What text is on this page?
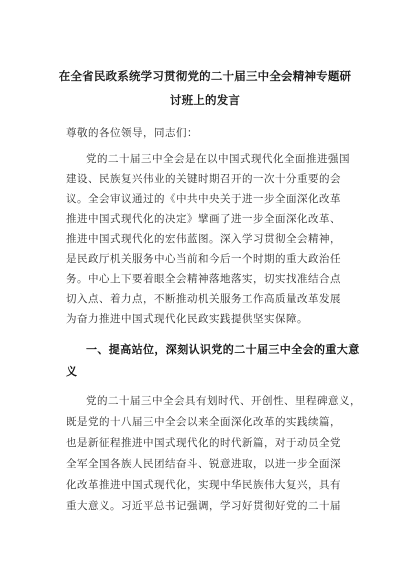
在全省民政系统学习贯彻党的二十届三中全会精神专题研
讨班上的发言
尊敬的各位领导，同志们：
党的二十届三中全会是在以中国式现代化全面推进强国
建设、民族复兴伟业的关键时期召开的一次十分重要的会
议。全会审议通过的《中共中央关于进一步全面深化改革
推进中国式现代化的决定》擘画了进一步全面深化改革、
推进中国式现代化的宏伟蓝图。深入学习贯彻全会精神，
是民政厅机关服务中心当前和今后一个时期的重大政治任
务。中心上下要着眼全会精神落地落实，切实找准结合点
切入点、着力点，不断推动机关服务工作高质量改革发展
为奋力推进中国式现代化民政实践提供坚实保障。
一、提高站位，深刻认识党的二十届三中全会的重大意
义
党的二十届三中全会具有划时代、开创性、里程碑意义，
既是党的十八届三中全会以来全面深化改革的实践续篇，
也是新征程推进中国式现代化的时代新篇，对于动员全党
全军全国各族人民团结奋斗、锐意进取，以进一步全面深
化改革推进中国式现代化，实现中华民族伟大复兴，具有
重大意义。习近平总书记强调，学习好贯彻好党的二十届
